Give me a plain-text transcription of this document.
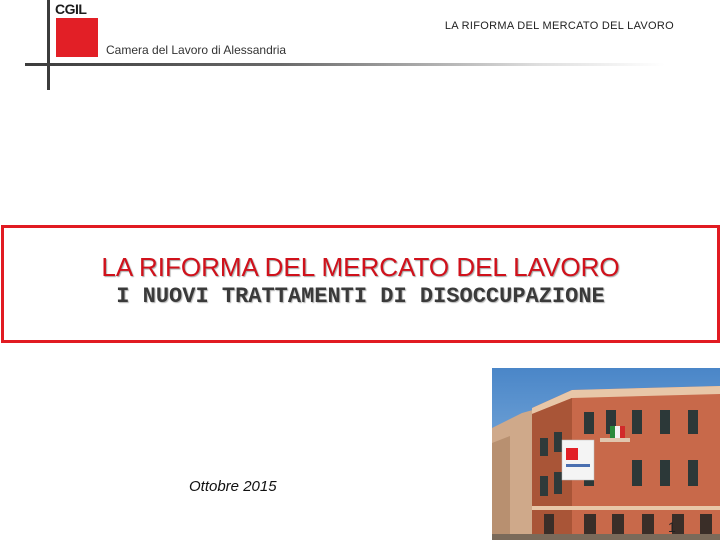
CGIL
Camera del Lavoro di Alessandria
LA RIFORMA DEL MERCATO DEL LAVORO
LA RIFORMA DEL MERCATO DEL LAVORO
I NUOVI TRATTAMENTI DI DISOCCUPAZIONE
Ottobre 2015
1
